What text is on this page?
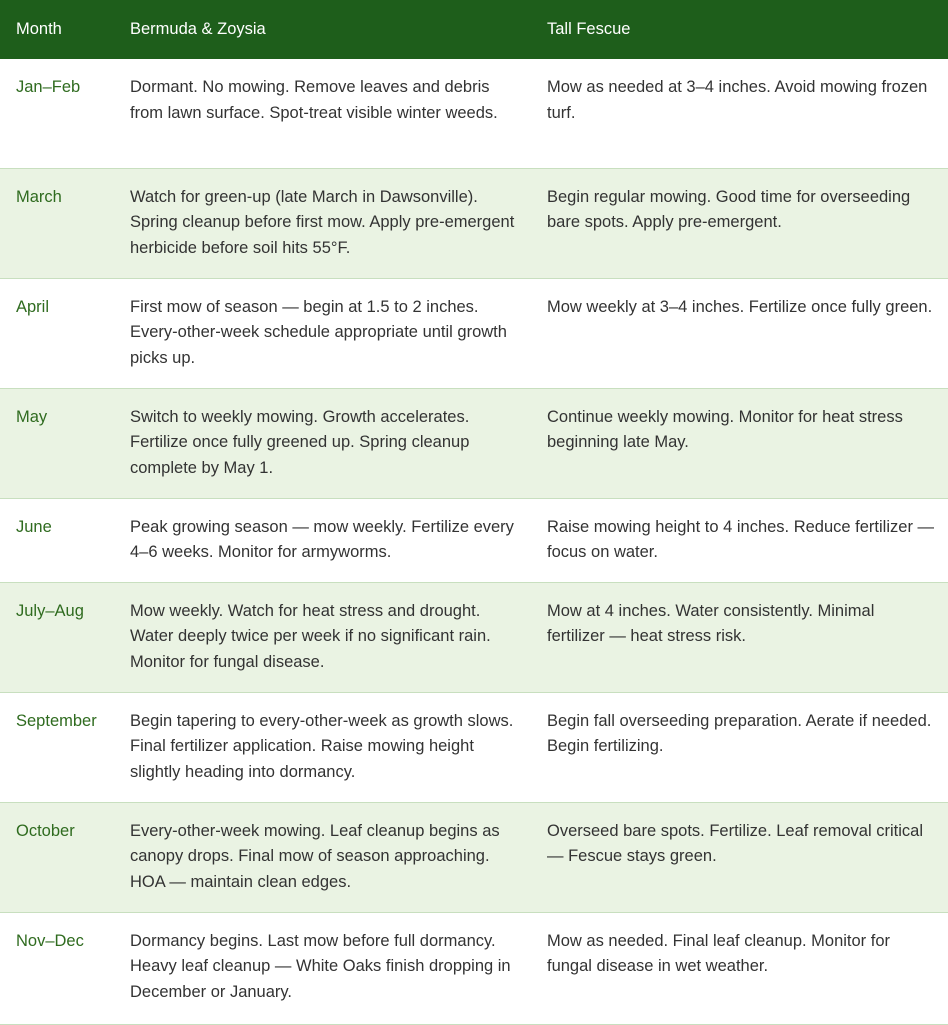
Month	Bermuda & Zoysia	Tall Fescue
Jan–Feb	Dormant. No mowing. Remove leaves and debris from lawn surface. Spot-treat visible winter weeds.	Mow as needed at 3–4 inches. Avoid mowing frozen turf.
March	Watch for green-up (late March in Dawsonville). Spring cleanup before first mow. Apply pre-emergent herbicide before soil hits 55°F.	Begin regular mowing. Good time for overseeding bare spots. Apply pre-emergent.
April	First mow of season — begin at 1.5 to 2 inches. Every-other-week schedule appropriate until growth picks up.	Mow weekly at 3–4 inches. Fertilize once fully green.
May	Switch to weekly mowing. Growth accelerates. Fertilize once fully greened up. Spring cleanup complete by May 1.	Continue weekly mowing. Monitor for heat stress beginning late May.
June	Peak growing season — mow weekly. Fertilize every 4–6 weeks. Monitor for armyworms.	Raise mowing height to 4 inches. Reduce fertilizer — focus on water.
July–Aug	Mow weekly. Watch for heat stress and drought. Water deeply twice per week if no significant rain. Monitor for fungal disease.	Mow at 4 inches. Water consistently. Minimal fertilizer — heat stress risk.
September	Begin tapering to every-other-week as growth slows. Final fertilizer application. Raise mowing height slightly heading into dormancy.	Begin fall overseeding preparation. Aerate if needed. Begin fertilizing.
October	Every-other-week mowing. Leaf cleanup begins as canopy drops. Final mow of season approaching. HOA — maintain clean edges.	Overseed bare spots. Fertilize. Leaf removal critical — Fescue stays green.
Nov–Dec	Dormancy begins. Last mow before full dormancy. Heavy leaf cleanup — White Oaks finish dropping in December or January.	Mow as needed. Final leaf cleanup. Monitor for fungal disease in wet weather.
